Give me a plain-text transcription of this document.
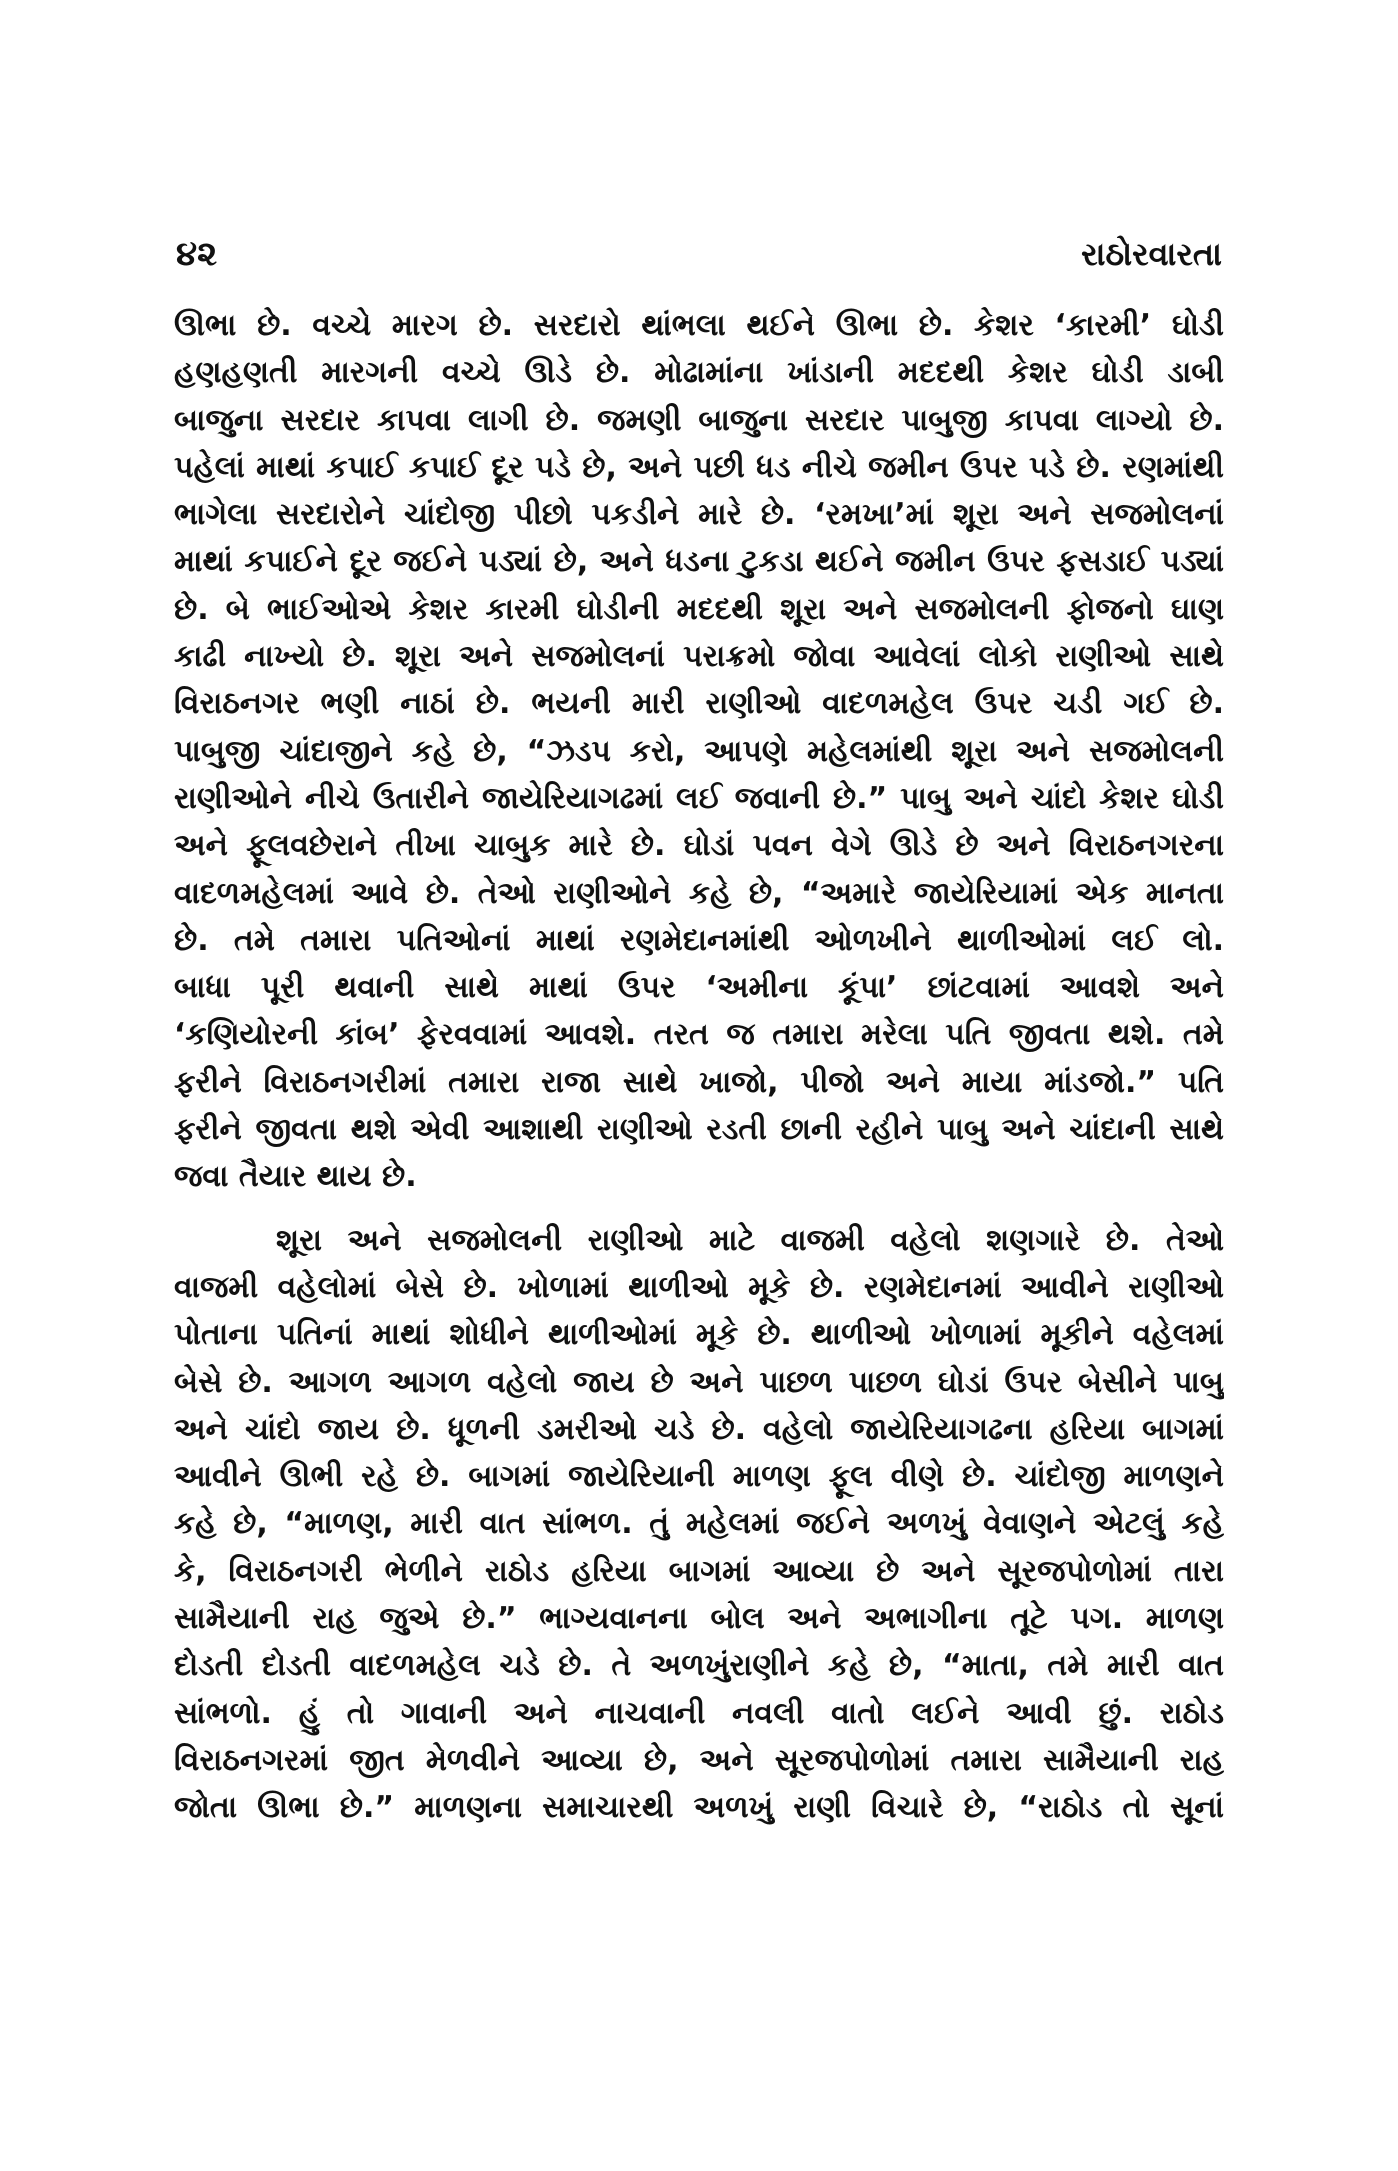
૪૨	રાઠોરવારતા
ઊભા છે. વચ્ચે મારગ છે. સરદારો થાંભલા થઈને ઊભા છે. કેશર ‘કારમી’ ઘોડી
હણહણતી મારગની વચ્ચે ઊડે છે. મોઢામાંના ખાંડાની મદદથી કેશર ઘોડી ડાબી
બાજુના સરદાર કાપવા લાગી છે. જમણી બાજુના સરદાર પાબુજી કાપવા લાગ્યો છે.
પહેલાં માથાં કપાઈ કપાઈ દૂર પડે છે, અને પછી ધડ નીચે જમીન ઉપર પડે છે. રણમાંથી
ભાગેલા સરદારોને ચાંદોજી પીછો પકડીને મારે છે. ‘રમખા’માં શૂરા અને સજમોલનાં
માથાં કપાઈને દૂર જઈને પડ્યાં છે, અને ધડના ટુકડા થઈને જમીન ઉપર ફસડાઈ પડ્યાં
છે. બે ભાઈઓએ કેશર કારમી ઘોડીની મદદથી શૂરા અને સજમોલની ફોજનો ઘાણ
કાઢી નાખ્યો છે. શૂરા અને સજમોલનાં પરાક્રમો જોવા આવેલાં લોકો રાણીઓ સાથે
વિરાઠનગર ભણી નાઠાં છે. ભયની મારી રાણીઓ વાદળમહેલ ઉપર ચડી ગઈ છે.
પાબુજી ચાંદાજીને કહે છે, “ઝડપ કરો, આપણે મહેલમાંથી શૂરા અને સજમોલની
રાણીઓને નીચે ઉતારીને જાયેરિયાગઢમાં લઈ જવાની છે.” પાબુ અને ચાંદો કેશર ઘોડી
અને ફૂલવછેરાને તીખા ચાબુક મારે છે. ઘોડાં પવન વેગે ઊડે છે અને વિરાઠનગરના
વાદળમહેલમાં આવે છે. તેઓ રાણીઓને કહે છે, “અમારે જાયેરિયામાં એક માનતા
છે. તમે તમારા પતિઓનાં માથાં રણમેદાનમાંથી ઓળખીને થાળીઓમાં લઈ લો.
બાધા પૂરી થવાની સાથે માથાં ઉપર ‘અમીના કૂંપા’ છાંટવામાં આવશે અને
‘કણિયોરની કાંબ’ ફેરવવામાં આવશે. તરત જ તમારા મરેલા પતિ જીવતા થશે. તમે
ફરીને વિરાઠનગરીમાં તમારા રાજા સાથે ખાજો, પીજો અને માયા માંડજો.” પતિ
ફરીને જીવતા થશે એવી આશાથી રાણીઓ રડતી છાની રહીને પાબુ અને ચાંદાની સાથે
જવા તૈયાર થાય છે.
શૂરા અને સજમોલની રાણીઓ માટે વાજમી વહેલો શણગારે છે. તેઓ
વાજમી વહેલોમાં બેસે છે. ખોળામાં થાળીઓ મૂકે છે. રણમેદાનમાં આવીને રાણીઓ
પોતાના પતિનાં માથાં શોધીને થાળીઓમાં મૂકે છે. થાળીઓ ખોળામાં મૂકીને વહેલમાં
બેસે છે. આગળ આગળ વહેલો જાય છે અને પાછળ પાછળ ઘોડાં ઉપર બેસીને પાબુ
અને ચાંદો જાય છે. ધૂળની ડમરીઓ ચડે છે. વહેલો જાયેરિયાગઢના હરિયા બાગમાં
આવીને ઊભી રહે છે. બાગમાં જાયેરિયાની માળણ ફૂલ વીણે છે. ચાંદોજી માળણને
કહે છે, “માળણ, મારી વાત સાંભળ. તું મહેલમાં જઈને અળખું વેવાણને એટલું કહે
કે, વિરાઠનગરી ભેળીને રાઠોડ હરિયા બાગમાં આવ્યા છે અને સૂરજપોળોમાં તારા
સામૈયાની રાહ જુએ છે.” ભાગ્યવાનના બોલ અને અભાગીના તૂટે પગ. માળણ
દોડતી દોડતી વાદળમહેલ ચડે છે. તે અળખુંરાણીને કહે છે, “માતા, તમે મારી વાત
સાંભળો. હું તો ગાવાની અને નાચવાની નવલી વાતો લઈને આવી છું. રાઠોડ
વિરાઠનગરમાં જીત મેળવીને આવ્યા છે, અને સૂરજપોળોમાં તમારા સામૈયાની રાહ
જોતા ઊભા છે.” માળણના સમાચારથી અળખું રાણી વિચારે છે, “રાઠોડ તો સૂનાં
